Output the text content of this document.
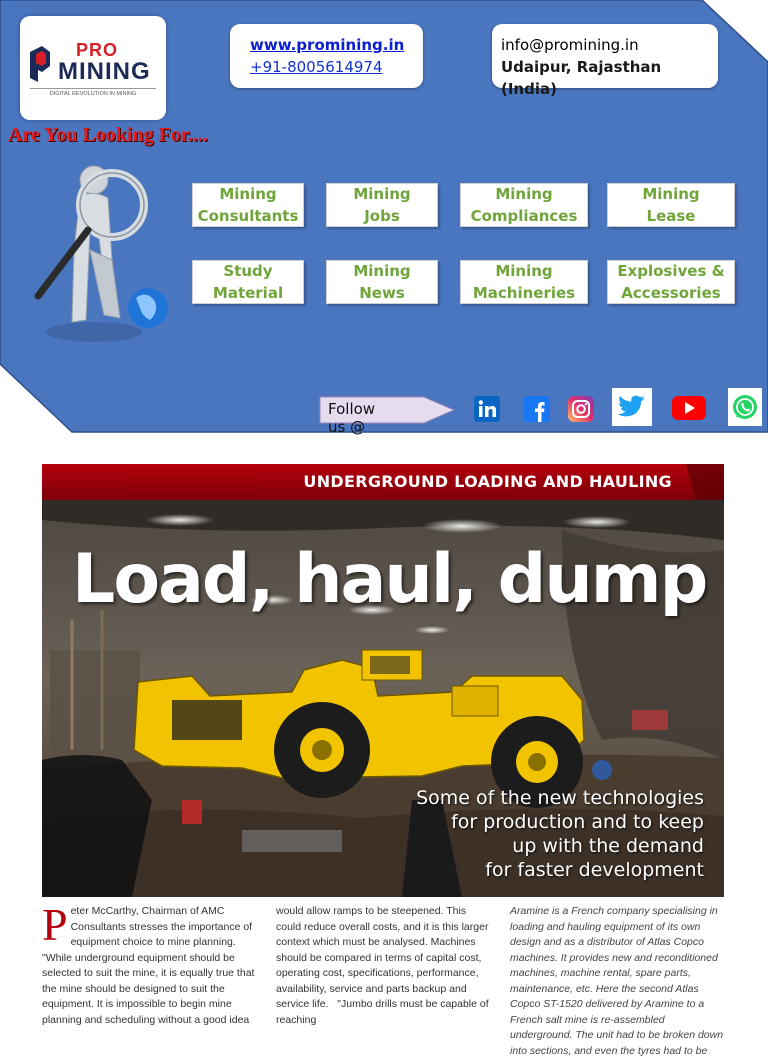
PRO
MINING
DIGITAL REVOLUTION IN MINING
www.promining.in
+91-8005614974
info@promining.in
Udaipur, Rajasthan (India)
Are You Looking For....
Mining
Consultants
Mining
Jobs
Mining
Compliances
Mining
Lease
Study
Material
Mining
News
Mining
Machineries
Explosives &
Accessories
Follow us @
UNDERGROUND LOADING AND HAULING
Load, haul, dump
Some of the new technologies
for production and to keep
up with the demand
for faster development
P eter McCarthy, Chairman of AMC Consultants stresses the importance of equipment choice to mine planning. "While underground equipment should be selected to suit the mine, it is equally true that the mine should be designed to suit the equipment. It is impossible to begin mine planning and scheduling without a good idea
would allow ramps to be steepened. This could reduce overall costs, and it is this larger context which must be analysed. Machines should be compared in terms of capital cost, operating cost, specifications, performance, availability, service and parts backup and service life.   "Jumbo drills must be capable of reaching
Aramine is a French company specialising in loading and hauling equipment of its own design and as a distributor of Atlas Copco machines. It provides new and reconditioned machines, machine rental, spare parts, maintenance, etc. Here the second Atlas Copco ST-1520 delivered by Aramine to a French salt mine is re-assembled underground. The unit had to be broken down into sections, and even the tyres had to be
